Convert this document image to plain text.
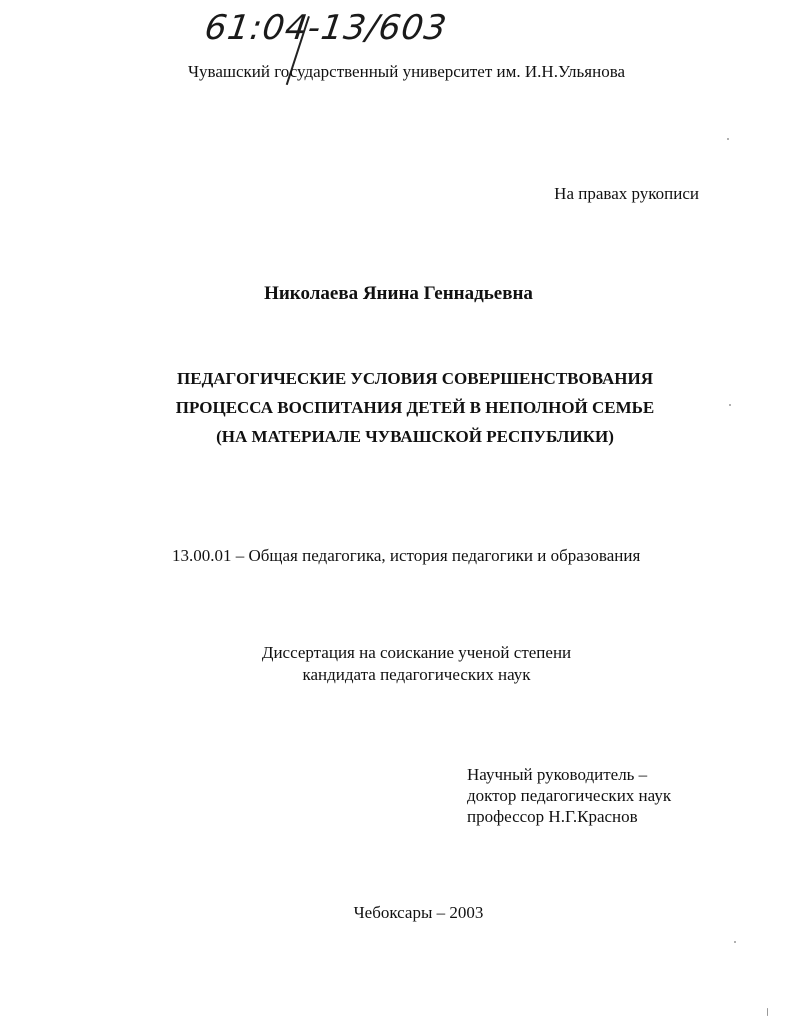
61:04-13/603
Чувашский государственный университет им. И.Н.Ульянова
На правах рукописи
Николаева Янина Геннадьевна
ПЕДАГОГИЧЕСКИЕ УСЛОВИЯ СОВЕРШЕНСТВОВАНИЯ
ПРОЦЕССА ВОСПИТАНИЯ ДЕТЕЙ В НЕПОЛНОЙ СЕМЬЕ
(НА МАТЕРИАЛЕ ЧУВАШСКОЙ РЕСПУБЛИКИ)
13.00.01 – Общая педагогика, история педагогики и образования
Диссертация на соискание ученой степени
кандидата педагогических наук
Научный руководитель –
доктор педагогических наук
профессор Н.Г.Краснов
Чебоксары – 2003
